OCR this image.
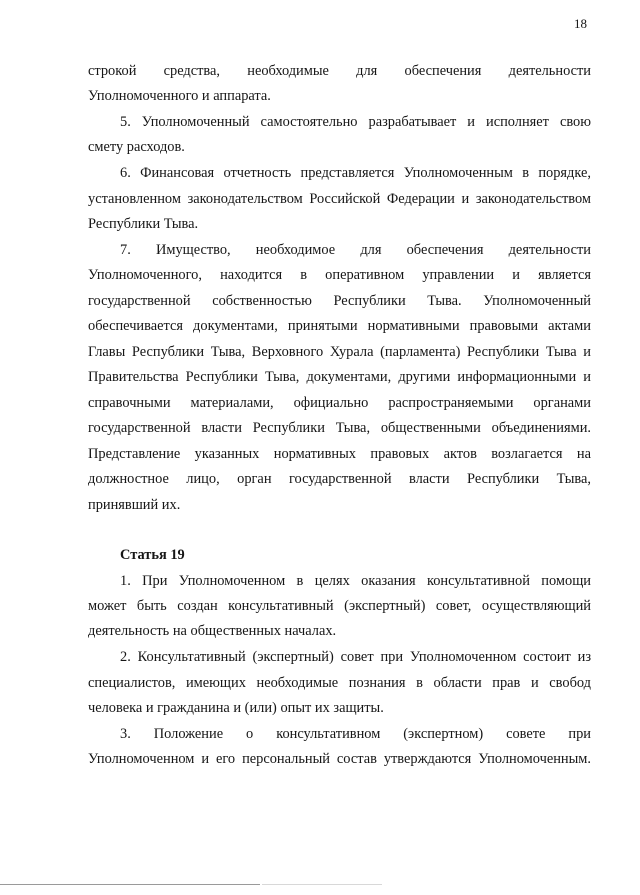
18
строкой средства, необходимые для обеспечения деятельности
Уполномоченного и аппарата.
5. Уполномоченный самостоятельно разрабатывает и исполняет свою
смету расходов.
6. Финансовая отчетность представляется Уполномоченным в порядке,
установленном законодательством Российской Федерации и законодательством
Республики Тыва.
7. Имущество, необходимое для обеспечения деятельности
Уполномоченного, находится в оперативном управлении и является
государственной собственностью Республики Тыва. Уполномоченный
обеспечивается документами, принятыми нормативными правовыми актами
Главы Республики Тыва, Верховного Хурала (парламента) Республики Тыва и
Правительства Республики Тыва, документами, другими информационными и
справочными материалами, официально распространяемыми органами
государственной власти Республики Тыва, общественными объединениями.
Представление указанных нормативных правовых актов возлагается на
должностное лицо, орган государственной власти Республики Тыва,
принявший их.
Статья 19
1. При Уполномоченном в целях оказания консультативной помощи
может быть создан консультативный (экспертный) совет, осуществляющий
деятельность на общественных началах.
2. Консультативный (экспертный) совет при Уполномоченном состоит из
специалистов, имеющих необходимые познания в области прав и свобод
человека и гражданина и (или) опыт их защиты.
3. Положение о консультативном (экспертном) совете при
Уполномоченном и его персональный состав утверждаются Уполномоченным.
